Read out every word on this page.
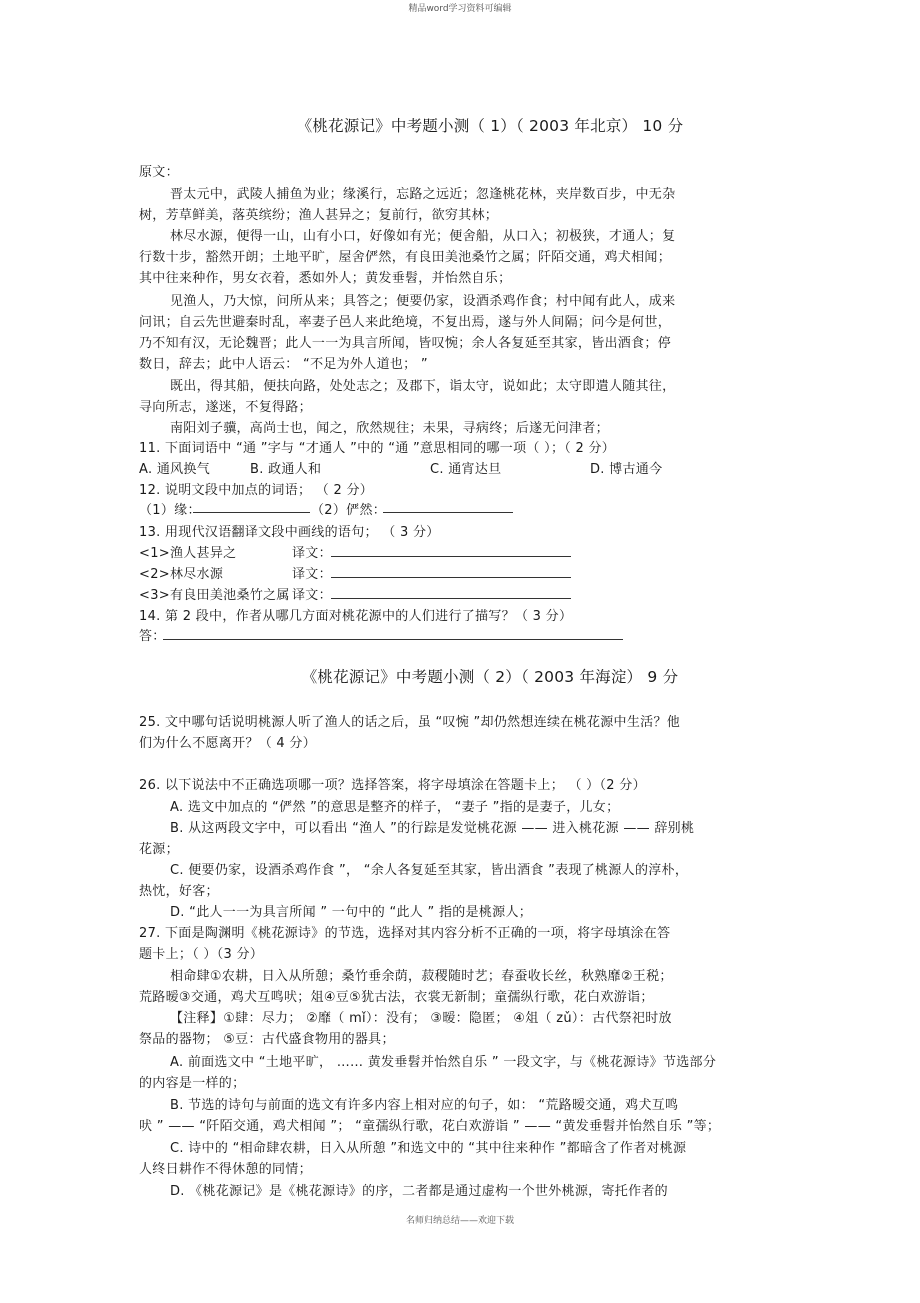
精品word学习资料可编辑
《桃花源记》中考题小测（ 1）（ 2003 年北京） 10 分
原文：
晋太元中，武陵人捕鱼为业；缘溪行，忘路之远近；忽逢桃花林，夹岸数百步，中无杂
树，芳草鲜美，落英缤纷；渔人甚异之；复前行，欲穷其林；
林尽水源，便得一山，山有小口，好像如有光；便舍船，从口入；初极狭，才通人；复
行数十步，豁然开朗；土地平旷，屋舍俨然，有良田美池桑竹之属；阡陌交通，鸡犬相闻；
其中往来种作，男女衣着，悉如外人；黄发垂髫，并怡然自乐；
见渔人，乃大惊，问所从来；具答之；便要仍家，设酒杀鸡作食；村中闻有此人，成来
问讯；自云先世避秦时乱，率妻子邑人来此绝境，不复出焉，遂与外人间隔；问今是何世，
乃不知有汉，无论魏晋；此人一一为具言所闻，皆叹惋；余人各复延至其家，皆出酒食；停
数日，辞去；此中人语云： “不足为外人道也； ”
既出，得其船，便扶向路，处处志之；及郡下，诣太守，说如此；太守即遣人随其往，
寻向所志，遂迷，不复得路；
南阳刘子骥，高尚士也，闻之，欣然规往；未果，寻病终；后遂无问津者；
11. 下面词语中 “通 ”字与 “才通人 ”中的 “通 ”意思相同的哪一项（ ）；（ 2 分）
A. 通风换气	B. 政通人和	C. 通宵达旦	D. 博古通今
12. 说明文段中加点的词语； （ 2 分）
（1）缘：	（2）俨然：
13. 用现代汉语翻译文段中画线的语句； （ 3 分）
<1>渔人甚异之	译文：
<2>林尽水源	译文：
<3>有良田美池桑竹之属 译文：
14. 第 2 段中，作者从哪几方面对桃花源中的人们进行了描写？（ 3 分）
答：
《桃花源记》中考题小测（ 2）（ 2003 年海淀） 9 分
25. 文中哪句话说明桃源人听了渔人的话之后，虽 “叹惋 ”却仍然想连续在桃花源中生活？他
们为什么不愿离开？（ 4 分）
26. 以下说法中不正确选项哪一项？选择答案，将字母填涂在答题卡上； （ ）（2 分）
A. 选文中加点的 “俨然 ”的意思是整齐的样子， “妻子 ”指的是妻子，儿女；
B. 从这两段文字中，可以看出 “渔人 ”的行踪是发觉桃花源 —— 进入桃花源 —— 辞别桃
花源；
C. 便要仍家，设酒杀鸡作食 ”， “余人各复延至其家，皆出酒食 ”表现了桃源人的淳朴，
热忱，好客；
D. “此人一一为具言所闻 ” 一句中的 “此人 ” 指的是桃源人；
27. 下面是陶渊明《桃花源诗》的节选，选择对其内容分析不正确的一项，将字母填涂在答
题卡上；（ ）（3 分）
相命肆①农耕，日入从所憩；桑竹垂余荫，菽稷随时艺；春蚕收长丝，秋熟靡②王税；
荒路暧③交通，鸡犬互鸣吠；俎④豆⑤犹古法，衣裳无新制；童孺纵行歌，花白欢游诣；
【注释】①肆：尽力； ②靡（ mǐ）：没有； ③暧：隐匿； ④俎（ zǔ）：古代祭祀时放
祭品的器物； ⑤豆：古代盛食物用的器具；
A. 前面选文中 “土地平旷， …… 黄发垂髫并怡然自乐 ” 一段文字，与《桃花源诗》节选部分
的内容是一样的；
B. 节选的诗句与前面的选文有许多内容上相对应的句子，如： “荒路暧交通，鸡犬互鸣
吠 ” —— “阡陌交通，鸡犬相闻 ”； “童孺纵行歌，花白欢游诣 ” —— “黄发垂髫并怡然自乐 ”等；
C. 诗中的 “相命肆农耕，日入从所憩 ”和选文中的 “其中往来种作 ”都暗含了作者对桃源
人终日耕作不得休憩的同情；
D. 《桃花源记》是《桃花源诗》的序，二者都是通过虚构一个世外桃源，寄托作者的
名师归纳总结——欢迎下载
